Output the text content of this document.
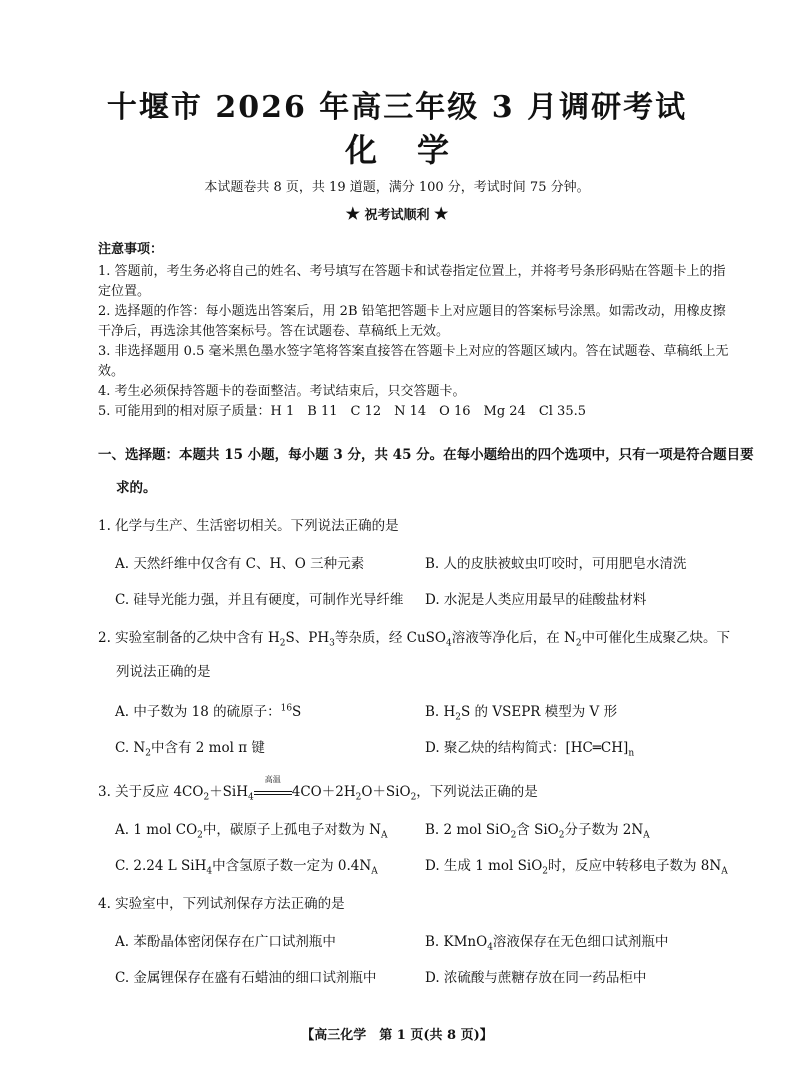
十堰市 2026 年高三年级 3 月调研考试
化学
本试题卷共 8 页，共 19 道题，满分 100 分，考试时间 75 分钟。
★ 祝考试顺利 ★
注意事项：
1. 答题前，考生务必将自己的姓名、考号填写在答题卡和试卷指定位置上，并将考号条形码贴在答题卡上的指定位置。
2. 选择题的作答：每小题选出答案后，用 2B 铅笔把答题卡上对应题目的答案标号涂黑。如需改动，用橡皮擦干净后，再选涂其他答案标号。答在试题卷、草稿纸上无效。
3. 非选择题用 0.5 毫米黑色墨水签字笔将答案直接答在答题卡上对应的答题区域内。答在试题卷、草稿纸上无效。
4. 考生必须保持答题卡的卷面整洁。考试结束后，只交答题卡。
5. 可能用到的相对原子质量：H 1　B 11　C 12　N 14　O 16　Mg 24　Cl 35.5
一、选择题：本题共 15 小题，每小题 3 分，共 45 分。在每小题给出的四个选项中，只有一项是符合题目要
求的。
1. 化学与生产、生活密切相关。下列说法正确的是
A. 天然纤维中仅含有 C、H、O 三种元素	B. 人的皮肤被蚊虫叮咬时，可用肥皂水清洗
C. 硅导光能力强，并且有硬度，可制作光导纤维 D. 水泥是人类应用最早的硅酸盐材料
2. 实验室制备的乙炔中含有 $H_2S$、$PH_3$等杂质，经 CuSO$_4$溶液等净化后，在 $N_2$中可催化生成聚乙炔。下
列说法正确的是
A. 中子数为 18 的硫原子：$^{16}$S	B. $H_2S$ 的 VSEPR 模型为 V 形
C. $N_2$中含有 2 mol π 键	D. 聚乙炔的结构简式：$[HC═CH]_n$
3. 关于反应 $4CO_2+SiH_4$
高温
$4CO+2H_2O+SiO_2$，下列说法正确的是
A. 1 mol $CO_2$中，碳原子上孤电子对数为 $N_A$	B. 2 mol SiO$_2$含 SiO$_2$分子数为 $2N_A$
C. 2.24 L SiH$_4$中含氢原子数一定为 $0.4N_A$	D. 生成 1 mol SiO$_2$时，反应中转移电子数为 $8N_A$
4. 实验室中，下列试剂保存方法正确的是
A. 苯酚晶体密闭保存在广口试剂瓶中	B. KMnO$_4$溶液保存在无色细口试剂瓶中
C. 金属锂保存在盛有石蜡油的细口试剂瓶中	D. 浓硫酸与蔗糖存放在同一药品柜中
【高三化学　第 1 页(共 8 页)】
